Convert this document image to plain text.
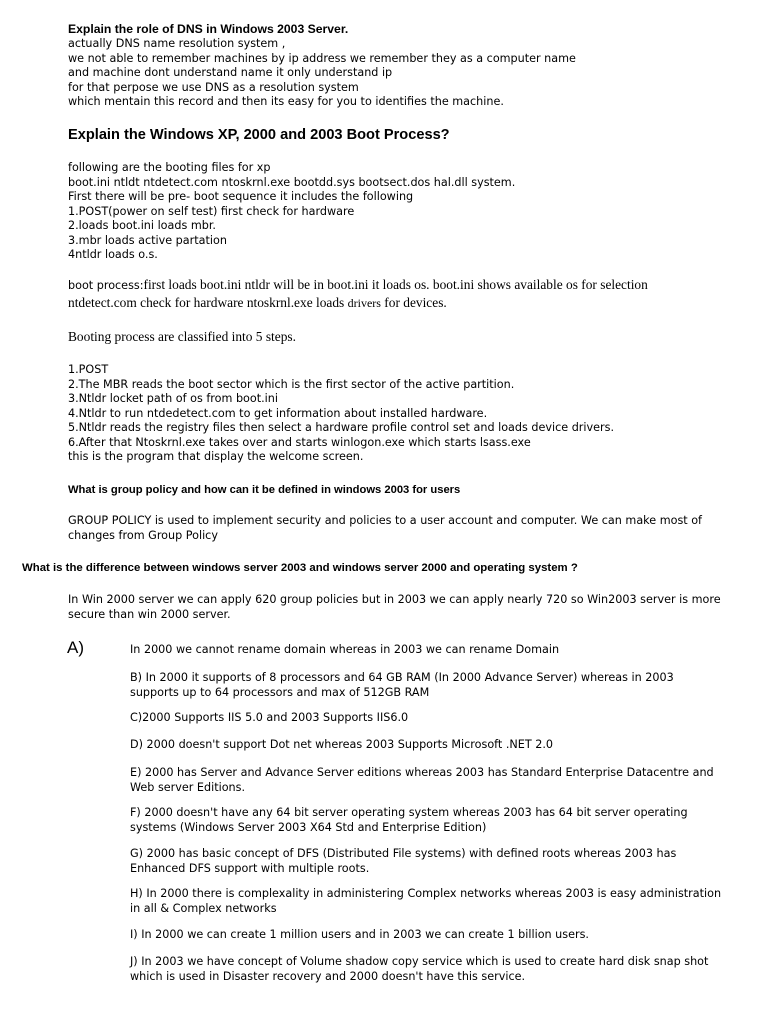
Explain the role of DNS in Windows 2003 Server.
actually DNS name resolution system ,
we not able to remember machines by ip address we remember they as a computer name
and machine dont understand name it only understand ip
for that perpose we use DNS as a resolution system
which mentain this record and then its easy for you to identifies the machine.
Explain the Windows XP, 2000 and 2003 Boot Process?
following are the booting files for xp
boot.ini ntldt ntdetect.com ntoskrnl.exe bootdd.sys bootsect.dos hal.dll system.
First there will be pre- boot sequence it includes the following
1.POST(power on self test) first check for hardware
2.loads boot.ini loads mbr.
3.mbr loads active partation
4ntldr loads o.s.
boot process:first loads boot.ini ntldr will be in boot.ini it loads os. boot.ini shows available os for selection
ntdetect.com check for hardware ntoskrnl.exe loads drivers for devices.
Booting process are classified into 5 steps.
1.POST
2.The MBR reads the boot sector which is the first sector of the active partition.
3.Ntldr locket path of os from boot.ini
4.Ntldr to run ntdedetect.com to get information about installed hardware.
5.Ntldr reads the registry files then select a hardware profile control set and loads device drivers.
6.After that Ntoskrnl.exe takes over and starts winlogon.exe which starts lsass.exe
this is the program that display the welcome screen.
What is group policy and how can it be defined in windows 2003 for users
GROUP POLICY is used to implement security and policies to a user account and computer. We can make most of
changes from Group Policy
What is the difference between windows server 2003 and windows server 2000 and operating system ?
In Win 2000 server we can apply 620 group policies but in 2003 we can apply nearly 720 so Win2003 server is more
secure than win 2000 server.
A)	In 2000 we cannot rename domain whereas in 2003 we can rename Domain
B) In 2000 it supports of 8 processors and 64 GB RAM (In 2000 Advance Server) whereas in 2003
supports up to 64 processors and max of 512GB RAM
C)2000 Supports IIS 5.0 and 2003 Supports IIS6.0
D) 2000 doesn't support Dot net whereas 2003 Supports Microsoft .NET 2.0
E) 2000 has Server and Advance Server editions whereas 2003 has Standard Enterprise Datacentre and
Web server Editions.
F) 2000 doesn't have any 64 bit server operating system whereas 2003 has 64 bit server operating
systems (Windows Server 2003 X64 Std and Enterprise Edition)
G) 2000 has basic concept of DFS (Distributed File systems) with defined roots whereas 2003 has
Enhanced DFS support with multiple roots.
H) In 2000 there is complexality in administering Complex networks whereas 2003 is easy administration
in all & Complex networks
I) In 2000 we can create 1 million users and in 2003 we can create 1 billion users.
J) In 2003 we have concept of Volume shadow copy service which is used to create hard disk snap shot
which is used in Disaster recovery and 2000 doesn't have this service.
